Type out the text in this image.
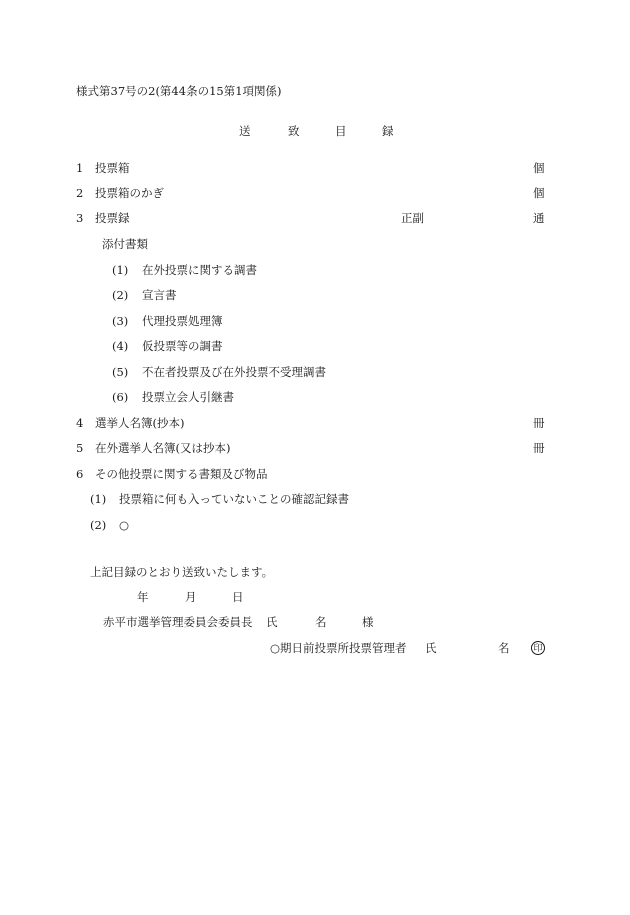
様式第37号の2(第44条の15第1項関係)
送	致	目	録
1 投票箱	個
2 投票箱のかぎ	個
3 投票録	正副	通
添付書類
(1) 在外投票に関する調書
(2) 宣言書
(3) 代理投票処理簿
(4) 仮投票等の調書
(5) 不在者投票及び在外投票不受理調書
(6) 投票立会人引継書
4 選挙人名簿(抄本)	冊
5 在外選挙人名簿(又は抄本)	冊
6 その他投票に関する書類及び物品
(1) 投票箱に何も入っていないことの確認記録書
(2) ○
上記目録のとおり送致いたします。
年	月	日
赤平市選挙管理委員会委員長 氏	名	様
○期日前投票所投票管理者 氏	名	印
